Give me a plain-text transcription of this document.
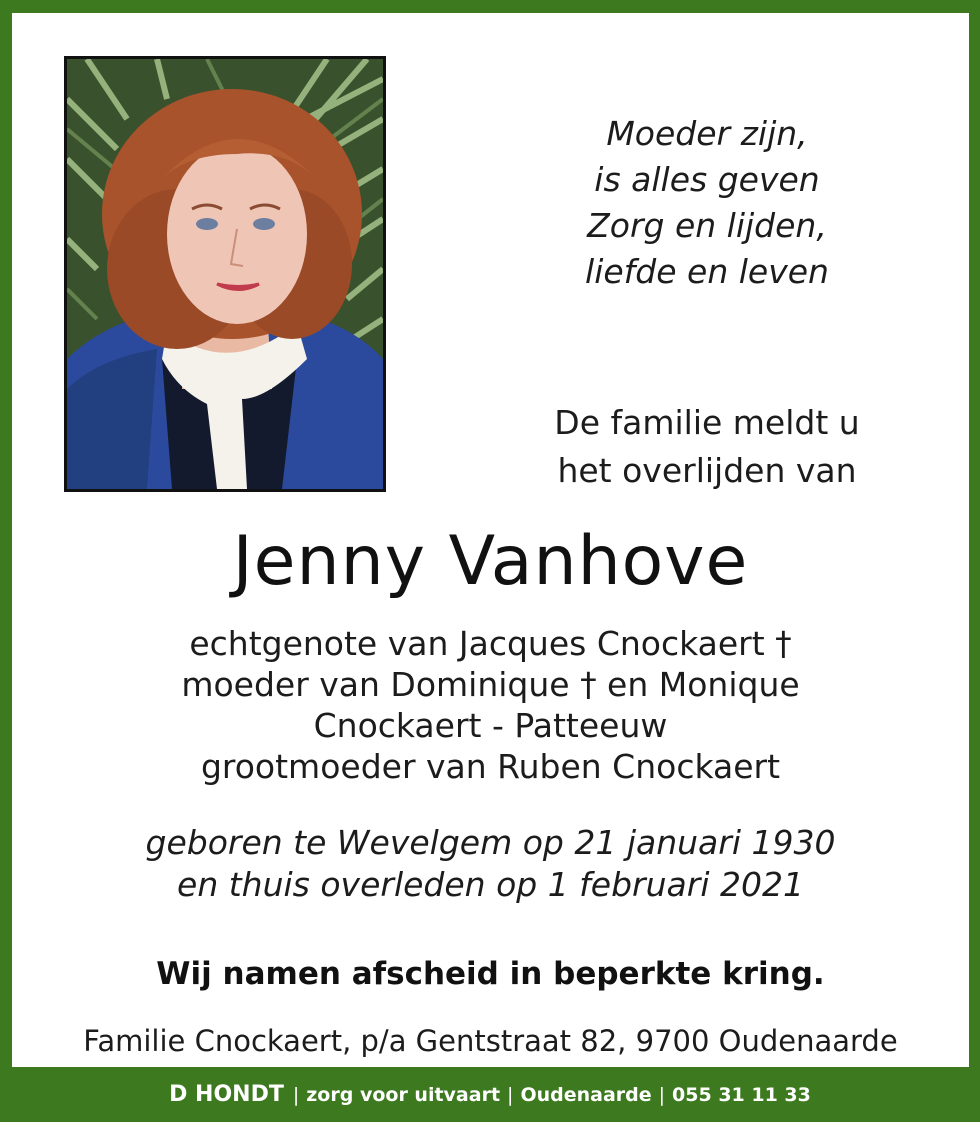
Moeder zijn,
is alles geven
Zorg en lijden,
liefde en leven
De familie meldt u
het overlijden van
Jenny Vanhove
echtgenote van Jacques Cnockaert †
moeder van Dominique † en Monique
Cnockaert - Patteeuw
grootmoeder van Ruben Cnockaert
geboren te Wevelgem op 21 januari 1930
en thuis overleden op 1 februari 2021
Wij namen afscheid in beperkte kring.
Familie Cnockaert, p/a Gentstraat 82, 9700 Oudenaarde
D HONDT | zorg voor uitvaart | Oudenaarde | 055 31 11 33
